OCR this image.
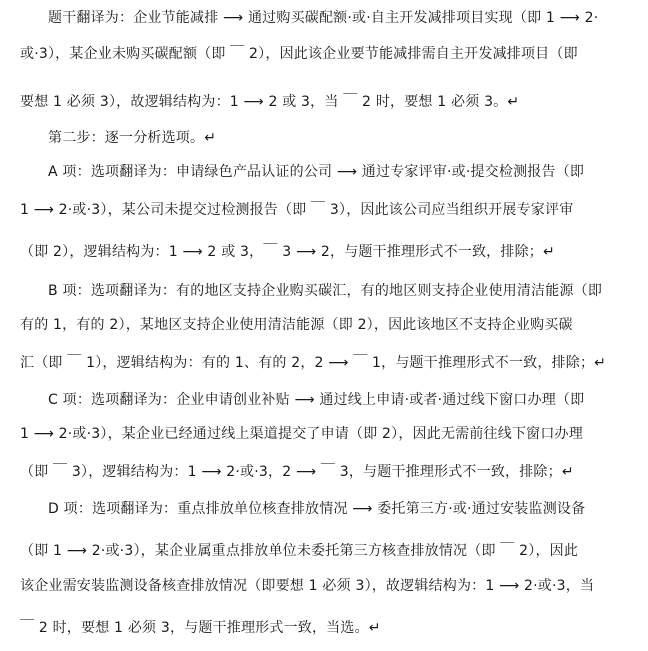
题干翻译为：企业节能减排 ⟶ 通过购买碳配额·或·自主开发减排项目实现（即 1 ⟶ 2·
或·3），某企业未购买碳配额（即 ￣ 2），因此该企业要节能减排需自主开发减排项目（即
要想 1 必须 3），故逻辑结构为：1 ⟶ 2 或 3，当 ￣ 2 时，要想 1 必须 3。↵
第二步：逐一分析选项。↵
A 项：选项翻译为：申请绿色产品认证的公司 ⟶ 通过专家评审·或·提交检测报告（即
1 ⟶ 2·或·3），某公司未提交过检测报告（即 ￣ 3），因此该公司应当组织开展专家评审
（即 2），逻辑结构为：1 ⟶ 2 或 3，￣ 3 ⟶ 2，与题干推理形式不一致，排除；↵
B 项：选项翻译为：有的地区支持企业购买碳汇，有的地区则支持企业使用清洁能源（即
有的 1，有的 2），某地区支持企业使用清洁能源（即 2），因此该地区不支持企业购买碳
汇（即 ￣ 1），逻辑结构为：有的 1、有的 2，2 ⟶ ￣ 1，与题干推理形式不一致，排除；↵
C 项：选项翻译为：企业申请创业补贴 ⟶ 通过线上申请·或者·通过线下窗口办理（即
1 ⟶ 2·或·3），某企业已经通过线上渠道提交了申请（即 2），因此无需前往线下窗口办理
（即 ￣ 3），逻辑结构为：1 ⟶ 2·或·3，2 ⟶ ￣ 3，与题干推理形式不一致，排除；↵
D 项：选项翻译为：重点排放单位核查排放情况 ⟶ 委托第三方·或·通过安装监测设备
（即 1 ⟶ 2·或·3），某企业属重点排放单位未委托第三方核查排放情况（即 ￣ 2），因此
该企业需安装监测设备核查排放情况（即要想 1 必须 3），故逻辑结构为：1 ⟶ 2·或·3，当
￣ 2 时，要想 1 必须 3，与题干推理形式一致，当选。↵
